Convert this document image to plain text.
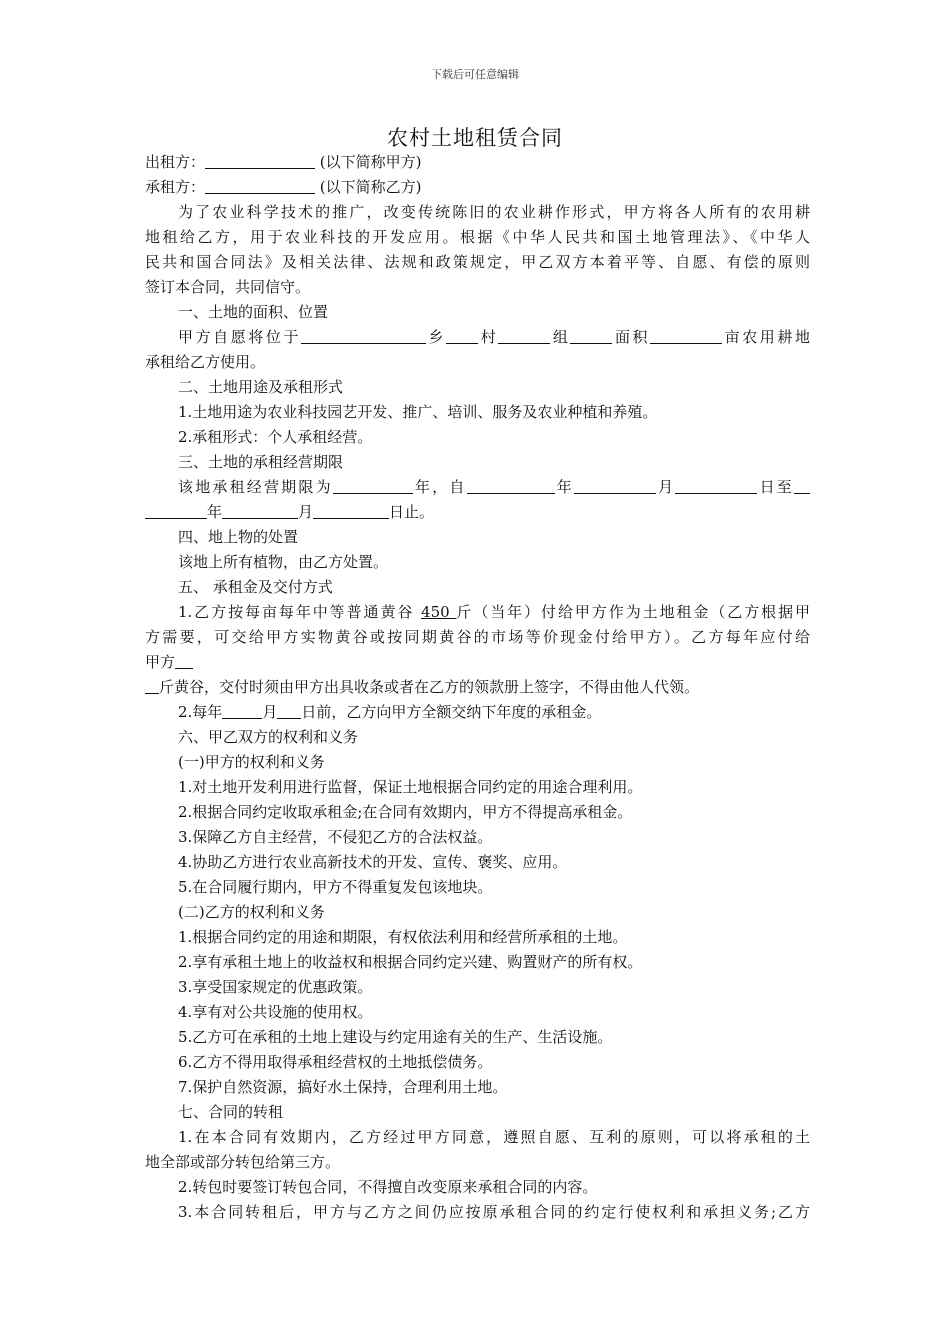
下载后可任意编辑
农村土地租赁合同
出租方：	(以下简称甲方)
承租方：	(以下简称乙方)
为了农业科学技术的推广，改变传统陈旧的农业耕作形式，甲方将各人所有的农用耕
地租给乙方，用于农业科技的开发应用。根据《中华人民共和国土地管理法》、《中华人
民共和国合同法》及相关法律、法规和政策规定，甲乙双方本着平等、自愿、有偿的原则
签订本合同，共同信守。
一、土地的面积、位置
甲方自愿将位于	乡 村	组	面积	亩农用耕地
承租给乙方使用。
二、土地用途及承租形式
1.土地用途为农业科技园艺开发、推广、培训、服务及农业种植和养殖。
2.承租形式：个人承租经营。
三、土地的承租经营期限
该地承租经营期限为	年，自	年	月	日至
年	月	日止。
四、地上物的处置
该地上所有植物，由乙方处置。
五、 承租金及交付方式
1.乙方按每亩每年中等普通黄谷 450 斤（当年）付给甲方作为土地租金（乙方根据甲
方需要，可交给甲方实物黄谷或按同期黄谷的市场等价现金付给甲方）。乙方每年应付给
甲方
斤黄谷，交付时须由甲方出具收条或者在乙方的领款册上签字，不得由他人代领。
2.每年	月 日前，乙方向甲方全额交纳下年度的承租金。
六、甲乙双方的权利和义务
(一)甲方的权利和义务
1.对土地开发利用进行监督，保证土地根据合同约定的用途合理利用。
2.根据合同约定收取承租金;在合同有效期内，甲方不得提高承租金。
3.保障乙方自主经营，不侵犯乙方的合法权益。
4.协助乙方进行农业高新技术的开发、宣传、褒奖、应用。
5.在合同履行期内，甲方不得重复发包该地块。
(二)乙方的权利和义务
1.根据合同约定的用途和期限，有权依法利用和经营所承租的土地。
2.享有承租土地上的收益权和根据合同约定兴建、购置财产的所有权。
3.享受国家规定的优惠政策。
4.享有对公共设施的使用权。
5.乙方可在承租的土地上建设与约定用途有关的生产、生活设施。
6.乙方不得用取得承租经营权的土地抵偿债务。
7.保护自然资源，搞好水土保持，合理利用土地。
七、合同的转租
1.在本合同有效期内，乙方经过甲方同意，遵照自愿、互利的原则，可以将承租的土
地全部或部分转包给第三方。
2.转包时要签订转包合同，不得擅自改变原来承租合同的内容。
3.本合同转租后，甲方与乙方之间仍应按原承租合同的约定行使权利和承担义务;乙方
